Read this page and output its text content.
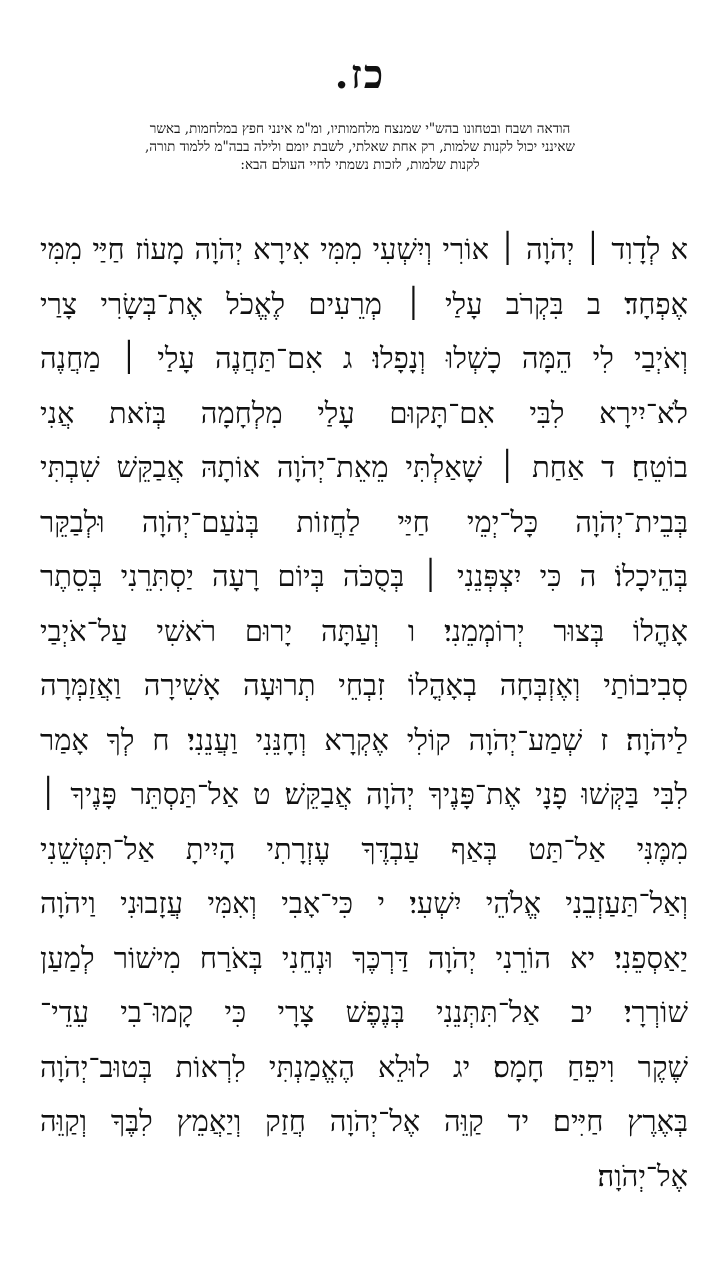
כז.
הודאה ושבח ובטחונו בהש"י שמנצח מלחמותיו, ומ"מ אינני חפץ במלחמות, באשר
שאינני יכול לקנות שלמות, רק אחת שאלתי, לשבת יומם ולילה בבה"מ ללמוד תורה,
לקנות שלמות, לזכות נשמתי לחיי העולם הבא:
א לְדָוִד ׀ יְהֹוָה ׀ אוֹרִי וְיִשְׁעִי מִמִּי אִירָא יְהֹוָה מָעוֹז חַיַּי מִמִּי
אֶפְחָד׃ ב בִּקְרֹב עָלַי ׀ מְרֵעִים לֶאֱכֹל אֶת־בְּשָׂרִי צָרַי
וְאֹיְבַי לִי הֵמָּה כָשְׁלוּ וְנָפָלוּ׃ ג אִם־תַּחֲנֶה עָלַי ׀ מַחֲנֶה
לֹא־יִירָא לִבִּי אִם־תָּקוּם עָלַי מִלְחָמָה בְּזֹאת אֲנִי
בוֹטֵחַ׃ ד אַחַת ׀ שָׁאַלְתִּי מֵאֵת־יְהֹוָה אוֹתָהּ אֲבַקֵּשׁ שִׁבְתִּי
בְּבֵית־יְהֹוָה כָּל־יְמֵי חַיַּי לַחֲזוֹת בְּנֹעַם־יְהֹוָה וּלְבַקֵּר
בְּהֵיכָלוֹ׃ ה כִּי יִצְפְּנֵנִי ׀ בְּסֻכֹּה בְּיוֹם רָעָה יַסְתִּרֵנִי בְּסֵתֶר
אָהֳלוֹ בְּצוּר יְרוֹמְמֵנִי׃ ו וְעַתָּה יָרוּם רֹאשִׁי עַל־אֹיְבַי
סְבִיבוֹתַי וְאֶזְבְּחָה בְאָהֳלוֹ זִבְחֵי תְרוּעָה אָשִׁירָה וַאֲזַמְּרָה
לַיהֹוָה׃ ז שְׁמַע־יְהֹוָה קוֹלִי אֶקְרָא וְחָנֵּנִי וַעֲנֵנִי׃ ח לְךָ אָמַר
לִבִּי בַּקְּשׁוּ פָנָי אֶת־פָּנֶיךָ יְהֹוָה אֲבַקֵּשׁ׃ ט אַל־תַּסְתֵּר פָּנֶיךָ ׀
מִמֶּנִּי אַל־תַּט בְּאַף עַבְדֶּךָ עֶזְרָתִי הָיִיתָ אַל־תִּטְּשֵׁנִי
וְאַל־תַּעַזְבֵנִי אֱלֹהֵי יִשְׁעִי׃ י כִּי־אָבִי וְאִמִּי עֲזָבוּנִי וַיהֹוָה
יַאַסְפֵנִי׃ יא הוֹרֵנִי יְהֹוָה דַּרְכֶּךָ וּנְחֵנִי בְּאֹרַח מִישׁוֹר לְמַעַן
שׁוֹרְרָי׃ יב אַל־תִּתְּנֵנִי בְּנֶפֶשׁ צָרָי כִּי קָמוּ־בִי עֵדֵי־
שֶׁקֶר וִיפֵחַ חָמָס׃ יג לוּלֵא הֶאֱמַנְתִּי לִרְאוֹת בְּטוּב־יְהֹוָה
בְּאֶרֶץ חַיִּים׃ יד קַוֵּה אֶל־יְהֹוָה חֲזַק וְיַאֲמֵץ לִבֶּךָ וְקַוֵּה
אֶל־יְהֹוָה׃
